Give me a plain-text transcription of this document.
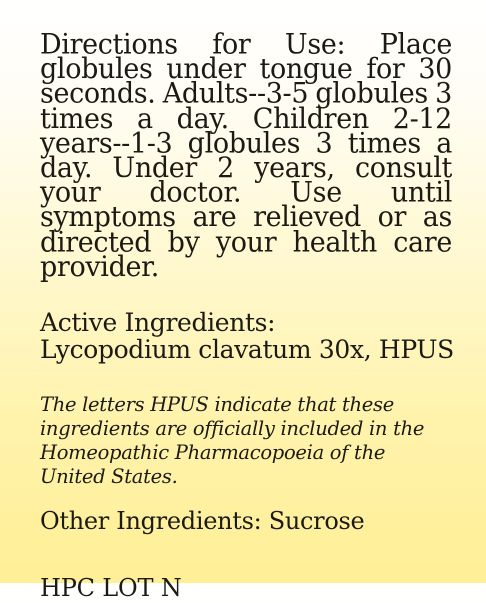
Directions for Use: Place globules under tongue for 30 seconds. Adults--3-5 globules 3 times a day. Children 2-12 years--1-3 globules 3 times a day. Under 2 years, consult your doctor. Use until symptoms are relieved or as directed by your health care provider.

Active Ingredients:
Lycopodium clavatum 30x, HPUS

The letters HPUS indicate that these ingredients are officially included in the Homeopathic Pharmacopoeia of the United States.

Other Ingredients: Sucrose

HPC LOT N
